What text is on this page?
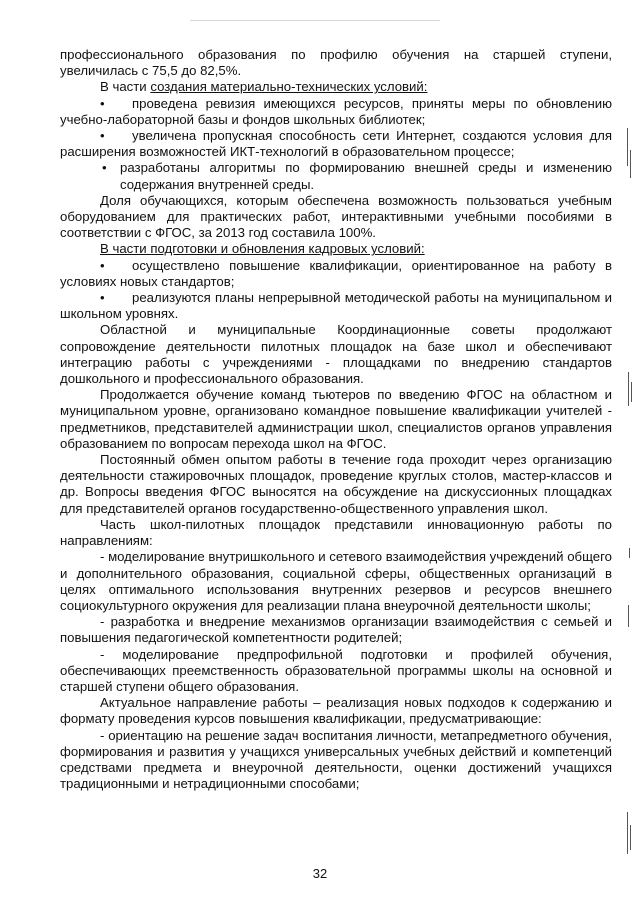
профессионального образования по профилю обучения на старшей ступени, увеличилась с 75,5 до 82,5%.

В части создания материально-технических условий:

• проведена ревизия имеющихся ресурсов, приняты меры по обновлению учебно-лабораторной базы и фондов школьных библиотек;

• увеличена пропускная способность сети Интернет, создаются условия для расширения возможностей ИКТ-технологий в образовательном процессе;

• разработаны алгоритмы по формированию внешней среды и изменению содержания внутренней среды.

Доля обучающихся, которым обеспечена возможность пользоваться учебным оборудованием для практических работ, интерактивными учебными пособиями в соответствии с ФГОС, за 2013 год составила 100%.

В части подготовки и обновления кадровых условий:

• осуществлено повышение квалификации, ориентированное на работу в условиях новых стандартов;

• реализуются планы непрерывной методической работы на муниципальном и школьном уровнях.

Областной и муниципальные Координационные советы продолжают сопровождение деятельности пилотных площадок на базе школ и обеспечивают интеграцию работы с учреждениями - площадками по внедрению стандартов дошкольного и профессионального образования.

Продолжается обучение команд тьютеров по введению ФГОС на областном и муниципальном уровне, организовано командное повышение квалификации учителей - предметников, представителей администрации школ, специалистов органов управления образованием по вопросам перехода школ на ФГОС.

Постоянный обмен опытом работы в течение года проходит через организацию деятельности стажировочных площадок, проведение круглых столов, мастер-классов и др. Вопросы введения ФГОС выносятся на обсуждение на дискуссионных площадках для представителей органов государственно-общественного управления школ.

Часть школ-пилотных площадок представили инновационную работы по направлениям:

- моделирование внутришкольного и сетевого взаимодействия учреждений общего и дополнительного образования, социальной сферы, общественных организаций в целях оптимального использования внутренних резервов и ресурсов внешнего социокультурного окружения для реализации плана внеурочной деятельности школы;

- разработка и внедрение механизмов организации взаимодействия с семьей и повышения педагогической компетентности родителей;

- моделирование предпрофильной подготовки и профилей обучения, обеспечивающих преемственность образовательной программы школы на основной и старшей ступени общего образования.

Актуальное направление работы – реализация новых подходов к содержанию и формату проведения курсов повышения квалификации, предусматривающие:

- ориентацию на решение задач воспитания личности, метапредметного обучения, формирования и развития у учащихся универсальных учебных действий и компетенций средствами предмета и внеурочной деятельности, оценки достижений учащихся традиционными и нетрадиционными способами;

32
